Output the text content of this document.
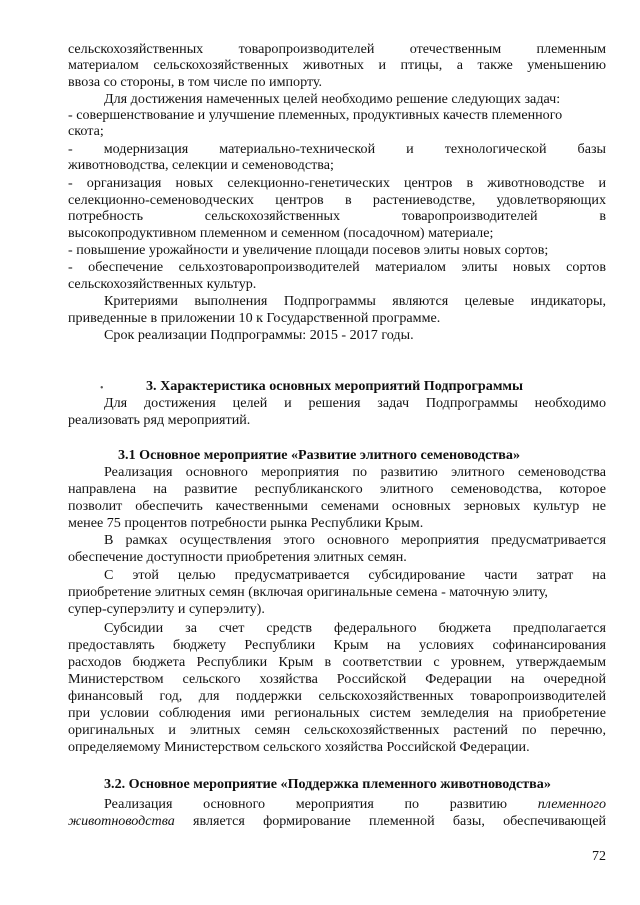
сельскохозяйственных товаропроизводителей отечественным племенным
материалом сельскохозяйственных животных и птицы, а также уменьшению
ввоза со стороны, в том числе по импорту.
Для достижения намеченных целей необходимо решение следующих задач:
- совершенствование и улучшение племенных, продуктивных качеств племенного
скота;
- модернизация материально-технической и технологической базы
животноводства, селекции и семеноводства;
- организация новых селекционно-генетических центров в животноводстве и
селекционно-семеноводческих центров в растениеводстве, удовлетворяющих
потребность сельскохозяйственных товаропроизводителей в
высокопродуктивном племенном и семенном (посадочном) материале;
- повышение урожайности и увеличение площади посевов элиты новых сортов;
- обеспечение сельхозтоваропроизводителей материалом элиты новых сортов
сельскохозяйственных культур.
Критериями выполнения Подпрограммы являются целевые индикаторы,
приведенные в приложении 10 к Государственной программе.
Срок реализации Подпрограммы: 2015 - 2017 годы.
3. Характеристика основных мероприятий Подпрограммы
Для достижения целей и решения задач Подпрограммы необходимо
реализовать ряд мероприятий.
3.1 Основное мероприятие «Развитие элитного семеноводства»
Реализация основного мероприятия по развитию элитного семеноводства
направлена на развитие республиканского элитного семеноводства, которое
позволит обеспечить качественными семенами основных зерновых культур не
менее 75 процентов потребности рынка Республики Крым.
В рамках осуществления этого основного мероприятия предусматривается
обеспечение доступности приобретения элитных семян.
С этой целью предусматривается субсидирование части затрат на
приобретение элитных семян (включая оригинальные семена - маточную элиту,
супер-суперэлиту и суперэлиту).
Субсидии за счет средств федерального бюджета предполагается
предоставлять бюджету Республики Крым на условиях софинансирования
расходов бюджета Республики Крым в соответствии с уровнем, утверждаемым
Министерством сельского хозяйства Российской Федерации на очередной
финансовый год, для поддержки сельскохозяйственных товаропроизводителей
при условии соблюдения ими региональных систем земледелия на приобретение
оригинальных и элитных семян сельскохозяйственных растений по перечню,
определяемому Министерством сельского хозяйства Российской Федерации.
3.2. Основное мероприятие «Поддержка племенного животноводства»
Реализация основного мероприятия по развитию племенного
животноводства является формирование племенной базы, обеспечивающей
72
•
